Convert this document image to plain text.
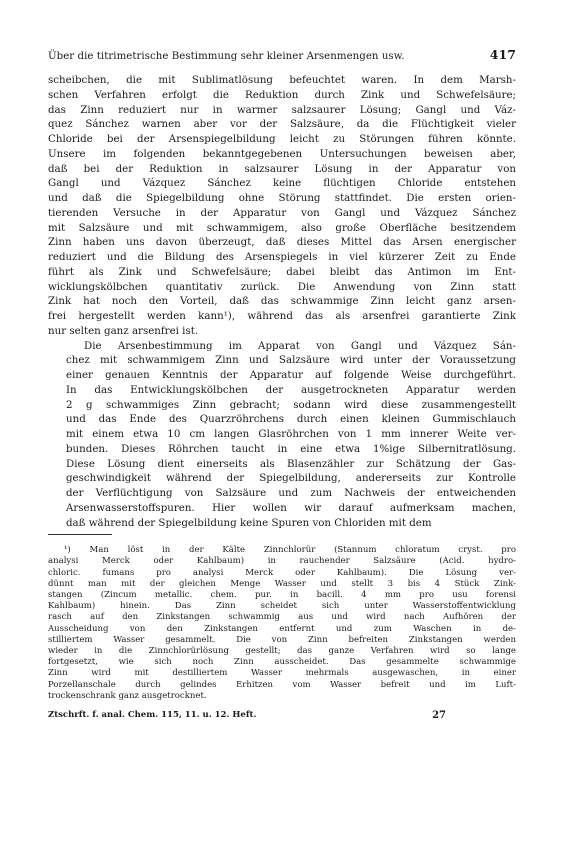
Über die titrimetrische Bestimmung sehr kleiner Arsenmengen usw.	417

scheibchen, die mit Sublimatlösung befeuchtet waren. In dem Marsh-
schen Verfahren erfolgt die Reduktion durch Zink und Schwefelsäure;
das Zinn reduziert nur in warmer salzsaurer Lösung; Gangl und Váz-
quez Sánchez warnen aber vor der Salzsäure, da die Flüchtigkeit vieler
Chloride bei der Arsenspiegelbildung leicht zu Störungen führen könnte.
Unsere im folgenden bekanntgegebenen Untersuchungen beweisen aber,
daß bei der Reduktion in salzsaurer Lösung in der Apparatur von
Gangl und Vázquez Sánchez keine flüchtigen Chloride entstehen
und daß die Spiegelbildung ohne Störung stattfindet. Die ersten orien-
tierenden Versuche in der Apparatur von Gangl und Vázquez Sánchez
mit Salzsäure und mit schwammigem, also große Oberfläche besitzendem
Zinn haben uns davon überzeugt, daß dieses Mittel das Arsen energischer
reduziert und die Bildung des Arsenspiegels in viel kürzerer Zeit zu Ende
führt als Zink und Schwefelsäure; dabei bleibt das Antimon im Ent-
wicklungskölbchen quantitativ zurück. Die Anwendung von Zinn statt
Zink hat noch den Vorteil, daß das schwammige Zinn leicht ganz arsen-
frei hergestellt werden kann¹), während das als arsenfrei garantierte Zink
nur selten ganz arsenfrei ist.

Die Arsenbestimmung im Apparat von Gangl und Vázquez Sán-
chez mit schwammigem Zinn und Salzsäure wird unter der Voraussetzung
einer genauen Kenntnis der Apparatur auf folgende Weise durchgeführt.
In das Entwicklungskölbchen der ausgetrockneten Apparatur werden
2 g schwammiges Zinn gebracht; sodann wird diese zusammengestellt
und das Ende des Quarzröhrchens durch einen kleinen Gummischlauch
mit einem etwa 10 cm langen Glasröhrchen von 1 mm innerer Weite ver-
bunden. Dieses Röhrchen taucht in eine etwa 1%ige Silbernitratlösung.
Diese Lösung dient einerseits als Blasenzähler zur Schätzung der Gas-
geschwindigkeit während der Spiegelbildung, andererseits zur Kontrolle
der Verflüchtigung von Salzsäure und zum Nachweis der entweichenden
Arsenwasserstoffspuren. Hier wollen wir darauf aufmerksam machen,
daß während der Spiegelbildung keine Spuren von Chloriden mit dem

¹) Man löst in der Kälte Zinnchlorür (Stannum chloratum cryst. pro
analysi Merck oder Kahlbaum) in rauchender Salzsäure (Acid. hydro-
chloric. fumans pro analysi Merck oder Kahlbaum). Die Lösung ver-
dünnt man mit der gleichen Menge Wasser und stellt 3 bis 4 Stück Zink-
stangen (Zincum metallic. chem. pur. in bacill. 4 mm pro usu forensi
Kahlbaum) hinein. Das Zinn scheidet sich unter Wasserstoffentwicklung
rasch auf den Zinkstangen schwammig aus und wird nach Aufhören der
Ausscheidung von den Zinkstangen entfernt und zum Waschen in de-
stilliertem Wasser gesammelt. Die von Zinn befreiten Zinkstangen werden
wieder in die Zinnchlorürlösung gestellt; das ganze Verfahren wird so lange
fortgesetzt, wie sich noch Zinn ausscheidet. Das gesammelte schwammige
Zinn wird mit destilliertem Wasser mehrmals ausgewaschen, in einer
Porzellanschale durch gelindes Erhitzen vom Wasser befreit und im Luft-
trockenschrank ganz ausgetrocknet.
Ztschrft. f. anal. Chem. 115, 11. u. 12. Heft.	27
